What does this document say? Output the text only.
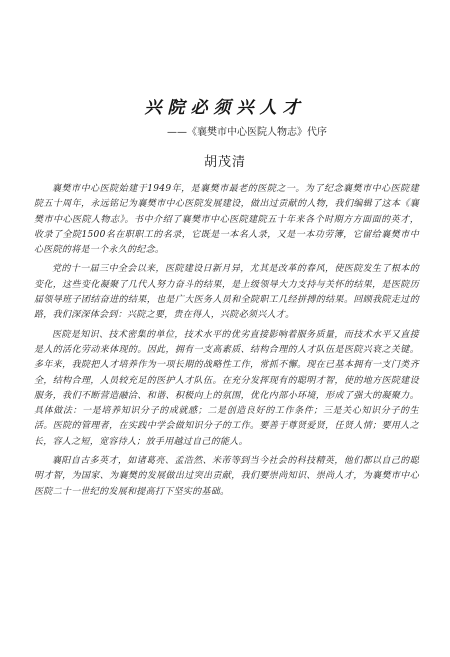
兴院必须兴人才
——《襄樊市中心医院人物志》代序
胡茂清

襄樊市中心医院始建于1949年，是襄樊市最老的医院之一。为了纪念襄樊市中心医院建院五十周年，永远铭记为襄樊市中心医院发展建设，做出过贡献的人物，我们编辑了这本《襄樊市中心医院人物志》。书中介绍了襄樊市中心医院建院五十年来各个时期方方面面的英才，收录了全院1500名在职职工的名录，它既是一本名人录，又是一本功劳簿，它留给襄樊市中心医院的将是一个永久的纪念。

党的十一届三中全会以来，医院建设日新月异，尤其是改革的春风，使医院发生了根本的变化，这些变化凝聚了几代人努力奋斗的结果，是上级领导大力支持与关怀的结果，是医院历届领导班子团结奋进的结果，也是广大医务人员和全院职工几经拼搏的结果。回顾我院走过的路，我们深深体会到：兴院之要，贵在得人，兴院必须兴人才。

医院是知识、技术密集的单位，技术水平的优劣直接影响着服务质量，而技术水平又直接是人的活化劳动来体现的。因此，拥有一支高素质、结构合理的人才队伍是医院兴衰之关键。多年来，我院把人才培养作为一项长期的战略性工作，常抓不懈。现在已基本拥有一支门类齐全，结构合理，人员较充足的医护人才队伍。在充分发挥现有的聪明才智，使的地方医院建设服务，我们不断营造融洽、和谐、积极向上的氛围，优化内部小环境，形成了强大的凝聚力。具体做法：一是培养知识分子的成就感；二是创造良好的工作条件；三是关心知识分子的生活。医院的管理者，在实践中学会做知识分子的工作。要善于尊贤爱贤，任贤人情；要用人之长，容人之短，宽容待人；放手用越过自己的能人。

襄阳自古多英才，如诸葛亮、孟浩然、米芾等到当今社会的科技精英，他们都以自己的聪明才智，为国家、为襄樊的发展做出过突出贡献，我们要崇尚知识、崇尚人才，为襄樊市中心医院二十一世纪的发展和提高打下坚实的基础。
